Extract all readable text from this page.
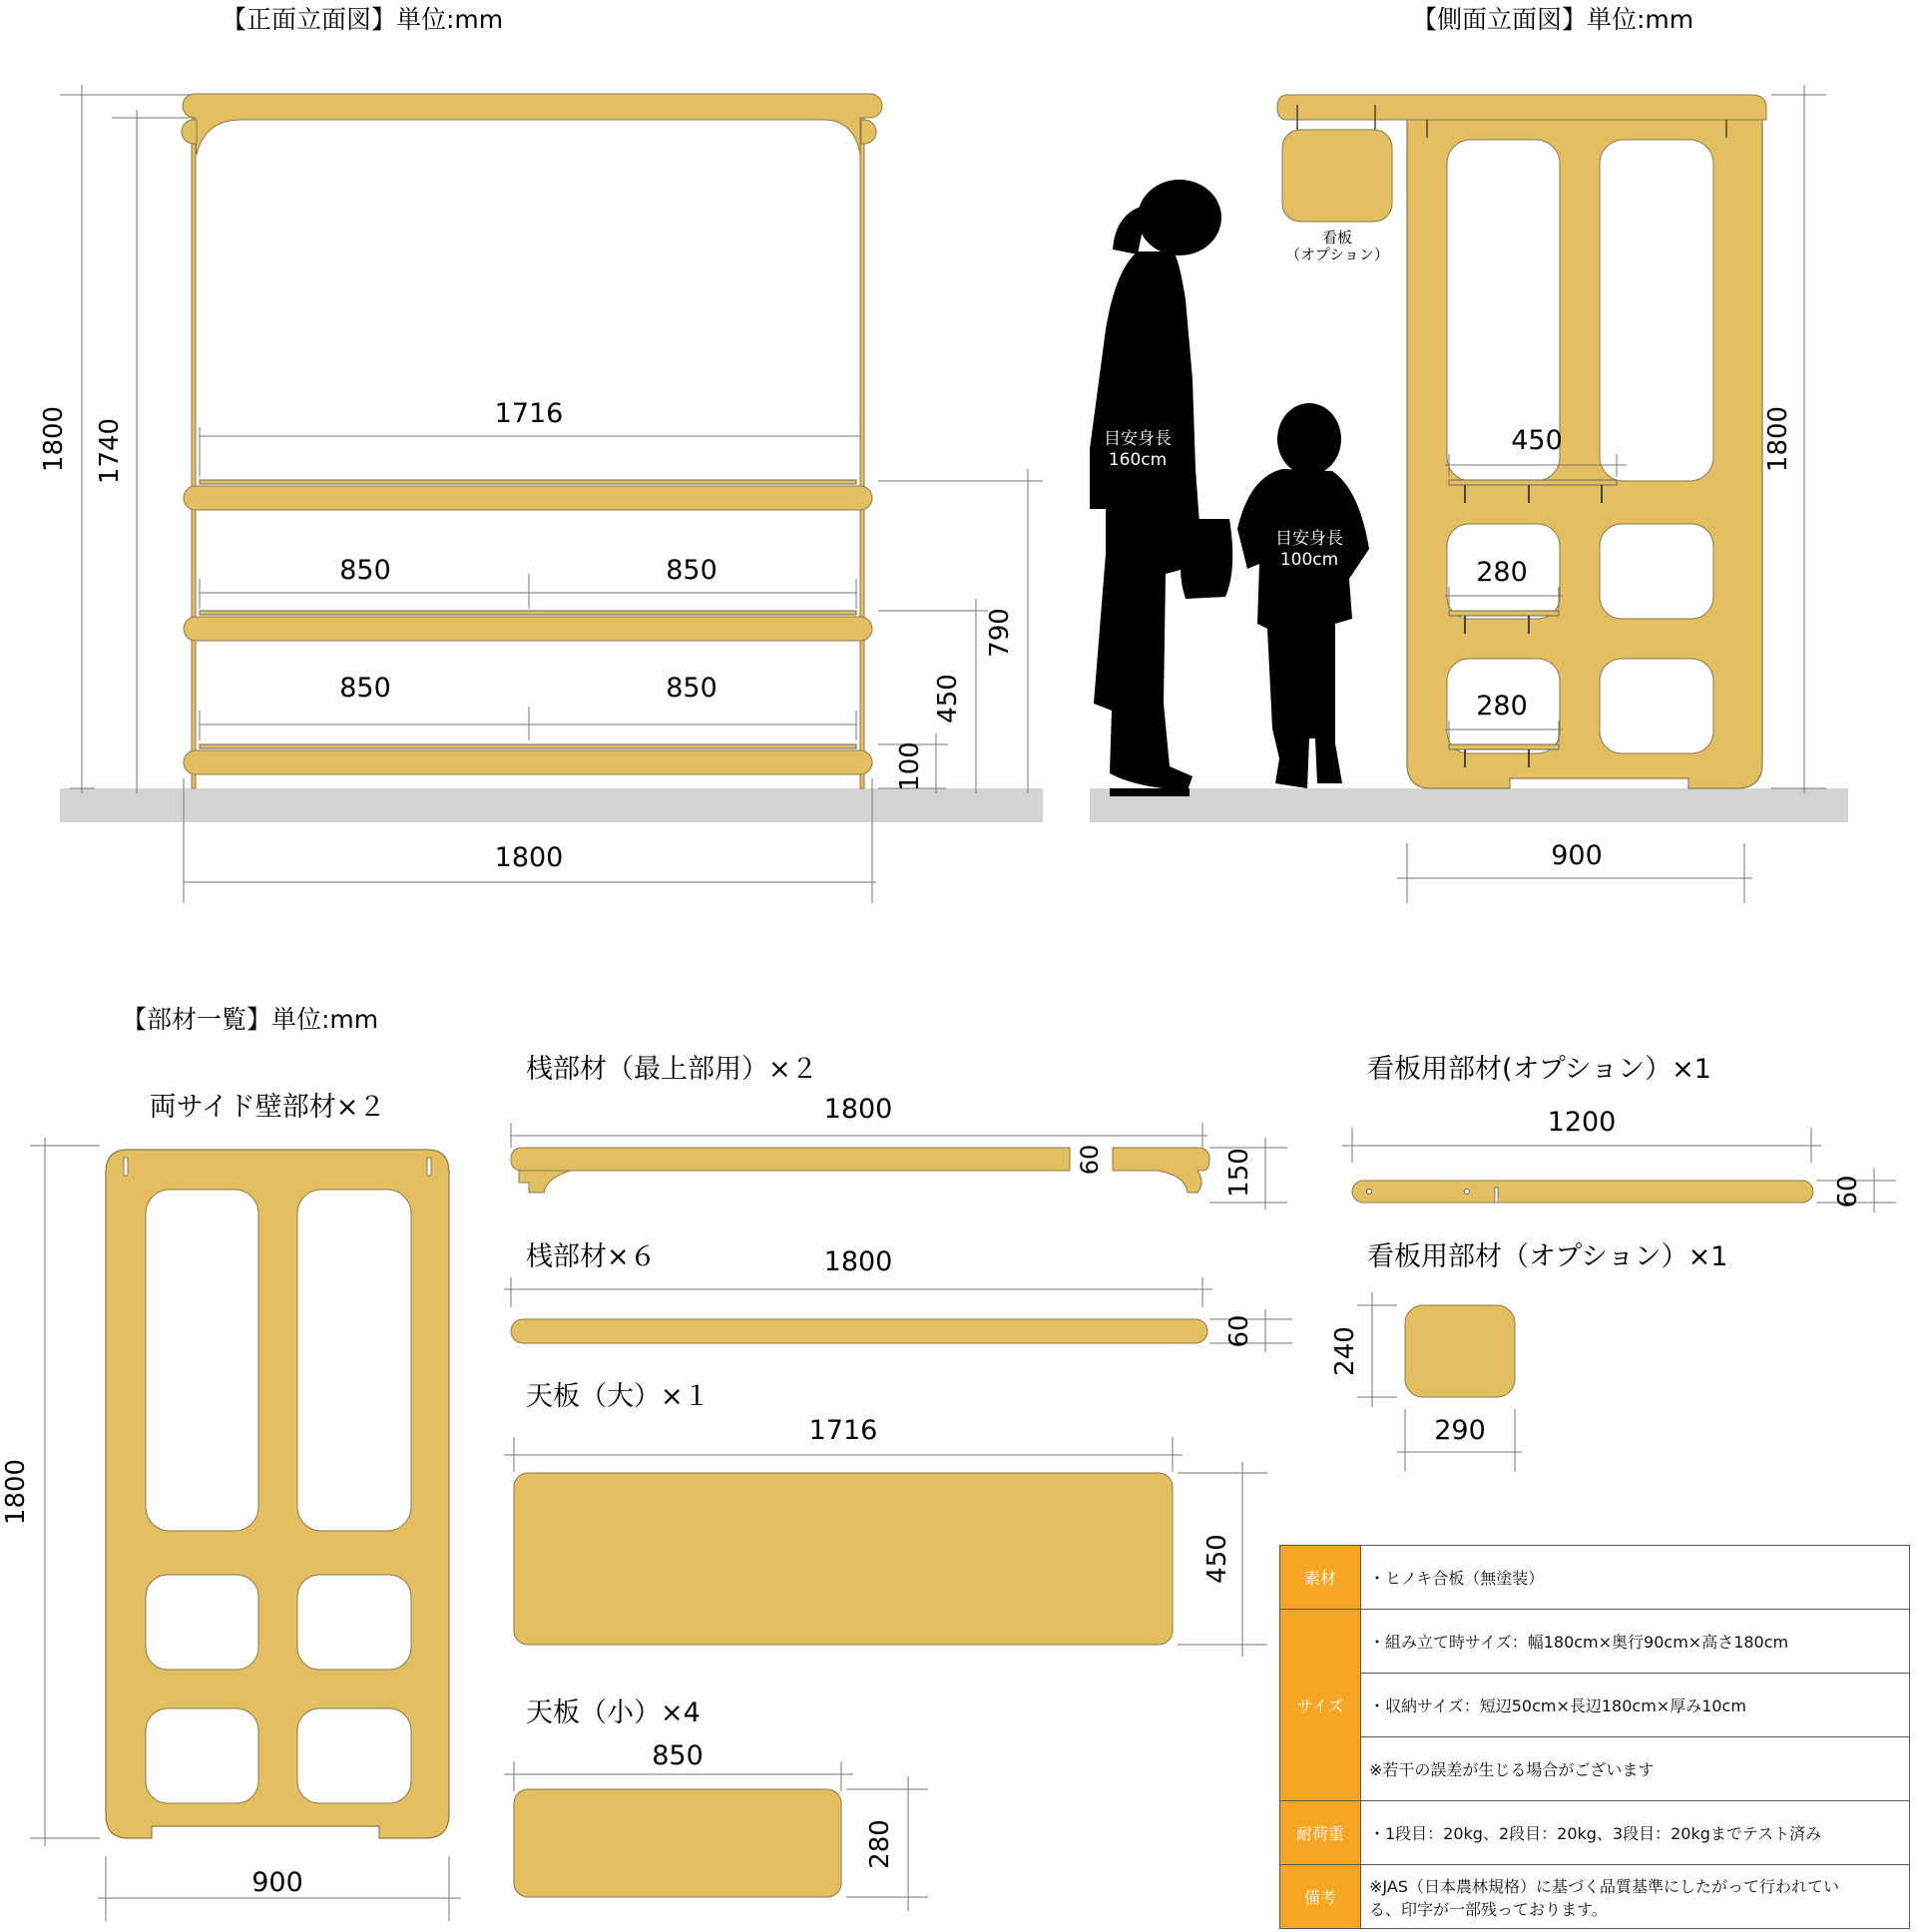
【正面立面図】単位:mm	【側面立面図】単位:mm
【部材一覧】単位:mm
1800 1740
1716
850	850
850	850
790
450
100
1800
看板
（オプション）
450
280
280
1800
900
目安身長
160cm
目安身長
100cm
両サイド壁部材×２
1800
900
桟部材（最上部用）×２
1800
60	150
桟部材×６	1800
60
天板（大）×１
1716
450
天板（小）×4
850
280
看板用部材(オプション）×1
1200
60
看板用部材（オプション）×1
240
290
素材	・ヒノキ合板（無塗装）
サイズ	・組み立て時サイズ：幅180cm×奥行90cm×高さ180cm
	・収納サイズ：短辺50cm×長辺180cm×厚み10cm
	※若干の誤差が生じる場合がございます
耐荷重	・1段目：20kg、2段目：20kg、3段目：20kgまでテスト済み
備考	※JAS（日本農林規格）に基づく品質基準にしたがって行われてい
る、印字が一部残っております。
